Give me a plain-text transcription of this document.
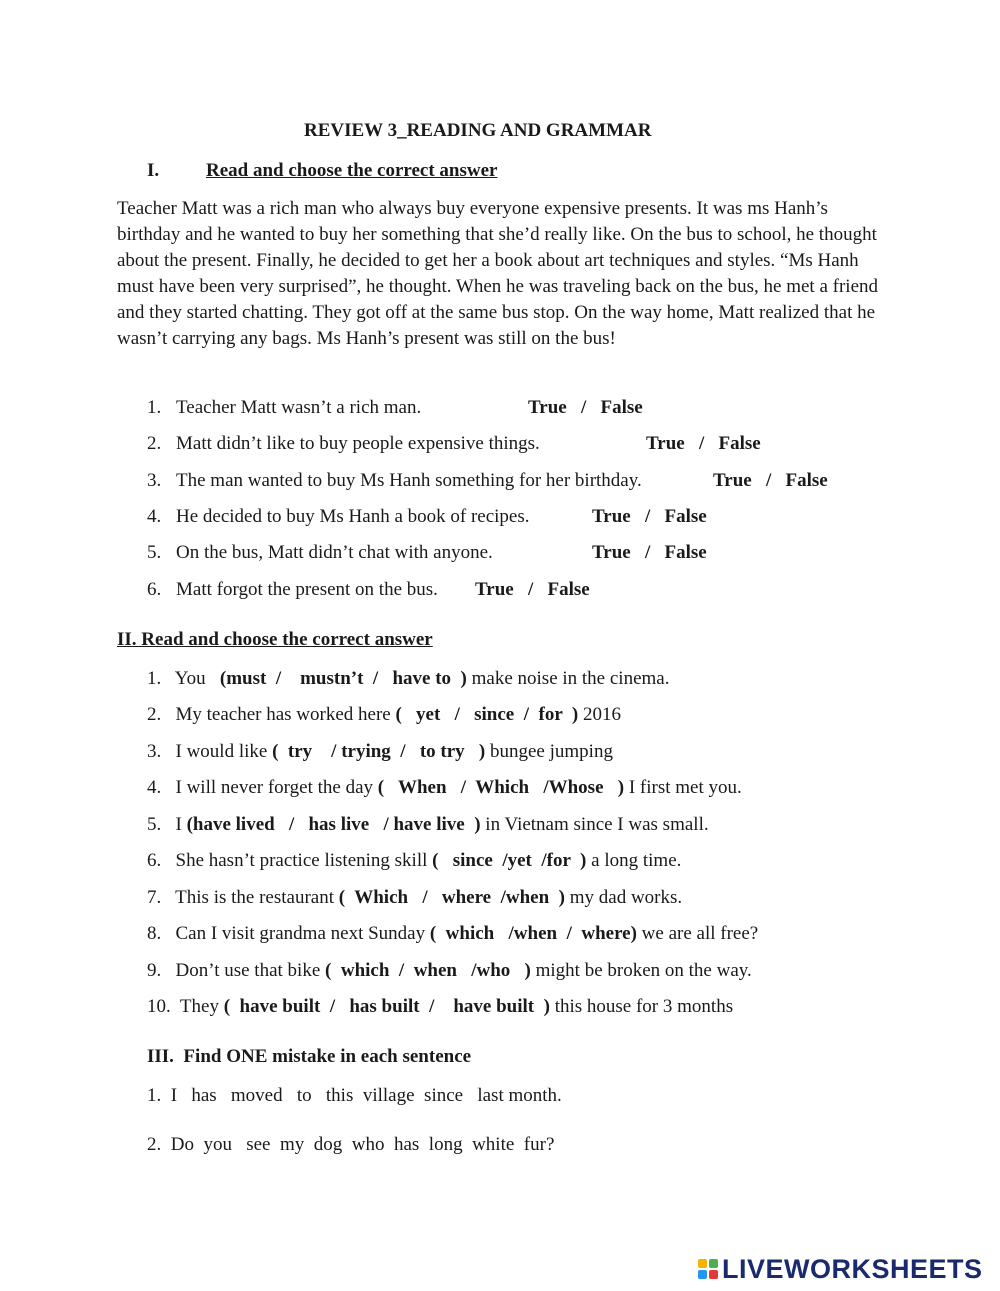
REVIEW 3_READING AND GRAMMAR
I. Read and choose the correct answer
Teacher Matt was a rich man who always buy everyone expensive presents. It was ms Hanh’s birthday and he wanted to buy her something that she’d really like. On the bus to school, he thought about the present. Finally, he decided to get her a book about art techniques and styles. “Ms Hanh must have been very surprised”, he thought. When he was traveling back on the bus, he met a friend and they started chatting. They got off at the same bus stop. On the way home, Matt realized that he wasn’t carrying any bags. Ms Hanh’s present was still on the bus!
1. Teacher Matt wasn’t a rich man.	True   /   False
2. Matt didn’t like to buy people expensive things.	True   /   False
3. The man wanted to buy Ms Hanh something for her birthday.	True   /   False
4. He decided to buy Ms Hanh a book of recipes.	True   /   False
5. On the bus, Matt didn’t chat with anyone.	True   /   False
6. Matt forgot the present on the bus. True   /   False
II. Read and choose the correct answer
1. You   (must  /    mustn’t  /   have to  ) make noise in the cinema.
2. My teacher has worked here (   yet   /   since  /  for  ) 2016
3. I would like (  try    / trying  /   to try   ) bungee jumping
4. I will never forget the day (   When   /  Which   /Whose   ) I first met you.
5. I (have lived   /   has live   / have live  ) in Vietnam since I was small.
6. She hasn’t practice listening skill (   since  /yet  /for  ) a long time.
7. This is the restaurant (  Which   /   where  /when  ) my dad works.
8. Can I visit grandma next Sunday (  which   /when  /  where) we are all free?
9. Don’t use that bike (  which  /  when   /who   ) might be broken on the way.
10. They (  have built  /   has built  /    have built  ) this house for 3 months
III.  Find ONE mistake in each sentence
1. I   has   moved   to   this  village  since   last month.
2. Do  you   see  my  dog  who  has  long  white  fur?
LIVEWORKSHEETS
